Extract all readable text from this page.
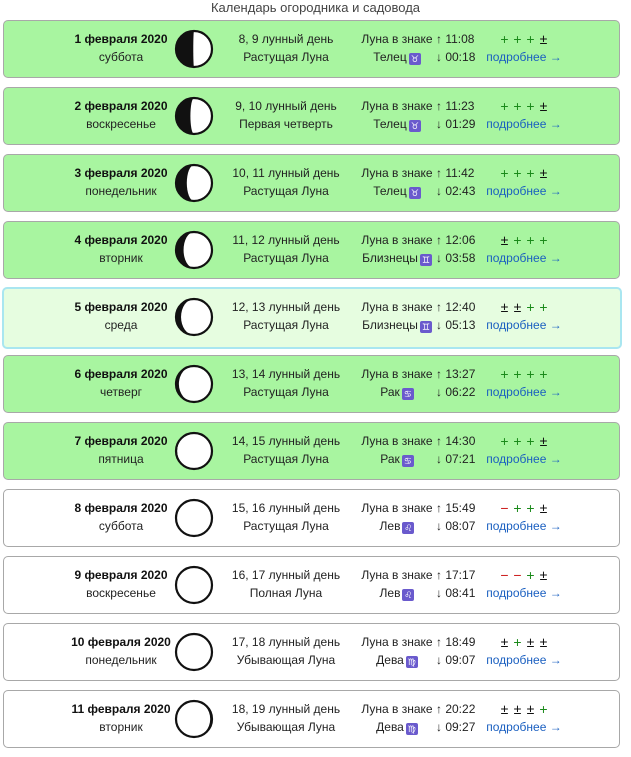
Календарь огородника и садовода
1 февраля 2020
суббота
8, 9 лунный день
Растущая Луна
Луна в знаке
Телец ♉
↑ 11:08
↓ 00:18
+ + + ±
подробнее →
2 февраля 2020
воскресенье
9, 10 лунный день
Первая четверть
Луна в знаке
Телец ♉
↑ 11:23
↓ 01:29
+ + + ±
подробнее →
3 февраля 2020
понедельник
10, 11 лунный день
Растущая Луна
Луна в знаке
Телец ♉
↑ 11:42
↓ 02:43
+ + + ±
подробнее →
4 февраля 2020
вторник
11, 12 лунный день
Растущая Луна
Луна в знаке
Близнецы ♊
↑ 12:06
↓ 03:58
± + + +
подробнее →
5 февраля 2020
среда
12, 13 лунный день
Растущая Луна
Луна в знаке
Близнецы ♊
↑ 12:40
↓ 05:13
± ± + +
подробнее →
6 февраля 2020
четверг
13, 14 лунный день
Растущая Луна
Луна в знаке
Рак ♋
↑ 13:27
↓ 06:22
+ + + +
подробнее →
7 февраля 2020
пятница
14, 15 лунный день
Растущая Луна
Луна в знаке
Рак ♋
↑ 14:30
↓ 07:21
+ + + ±
подробнее →
8 февраля 2020
суббота
15, 16 лунный день
Растущая Луна
Луна в знаке
Лев ♌
↑ 15:49
↓ 08:07
− + + ±
подробнее →
9 февраля 2020
воскресенье
16, 17 лунный день
Полная Луна
Луна в знаке
Лев ♌
↑ 17:17
↓ 08:41
− − + ±
подробнее →
10 февраля 2020
понедельник
17, 18 лунный день
Убывающая Луна
Луна в знаке
Дева ♍
↑ 18:49
↓ 09:07
± + ± ±
подробнее →
11 февраля 2020
вторник
18, 19 лунный день
Убывающая Луна
Луна в знаке
Дева ♍
↑ 20:22
↓ 09:27
± ± ± +
подробнее →
